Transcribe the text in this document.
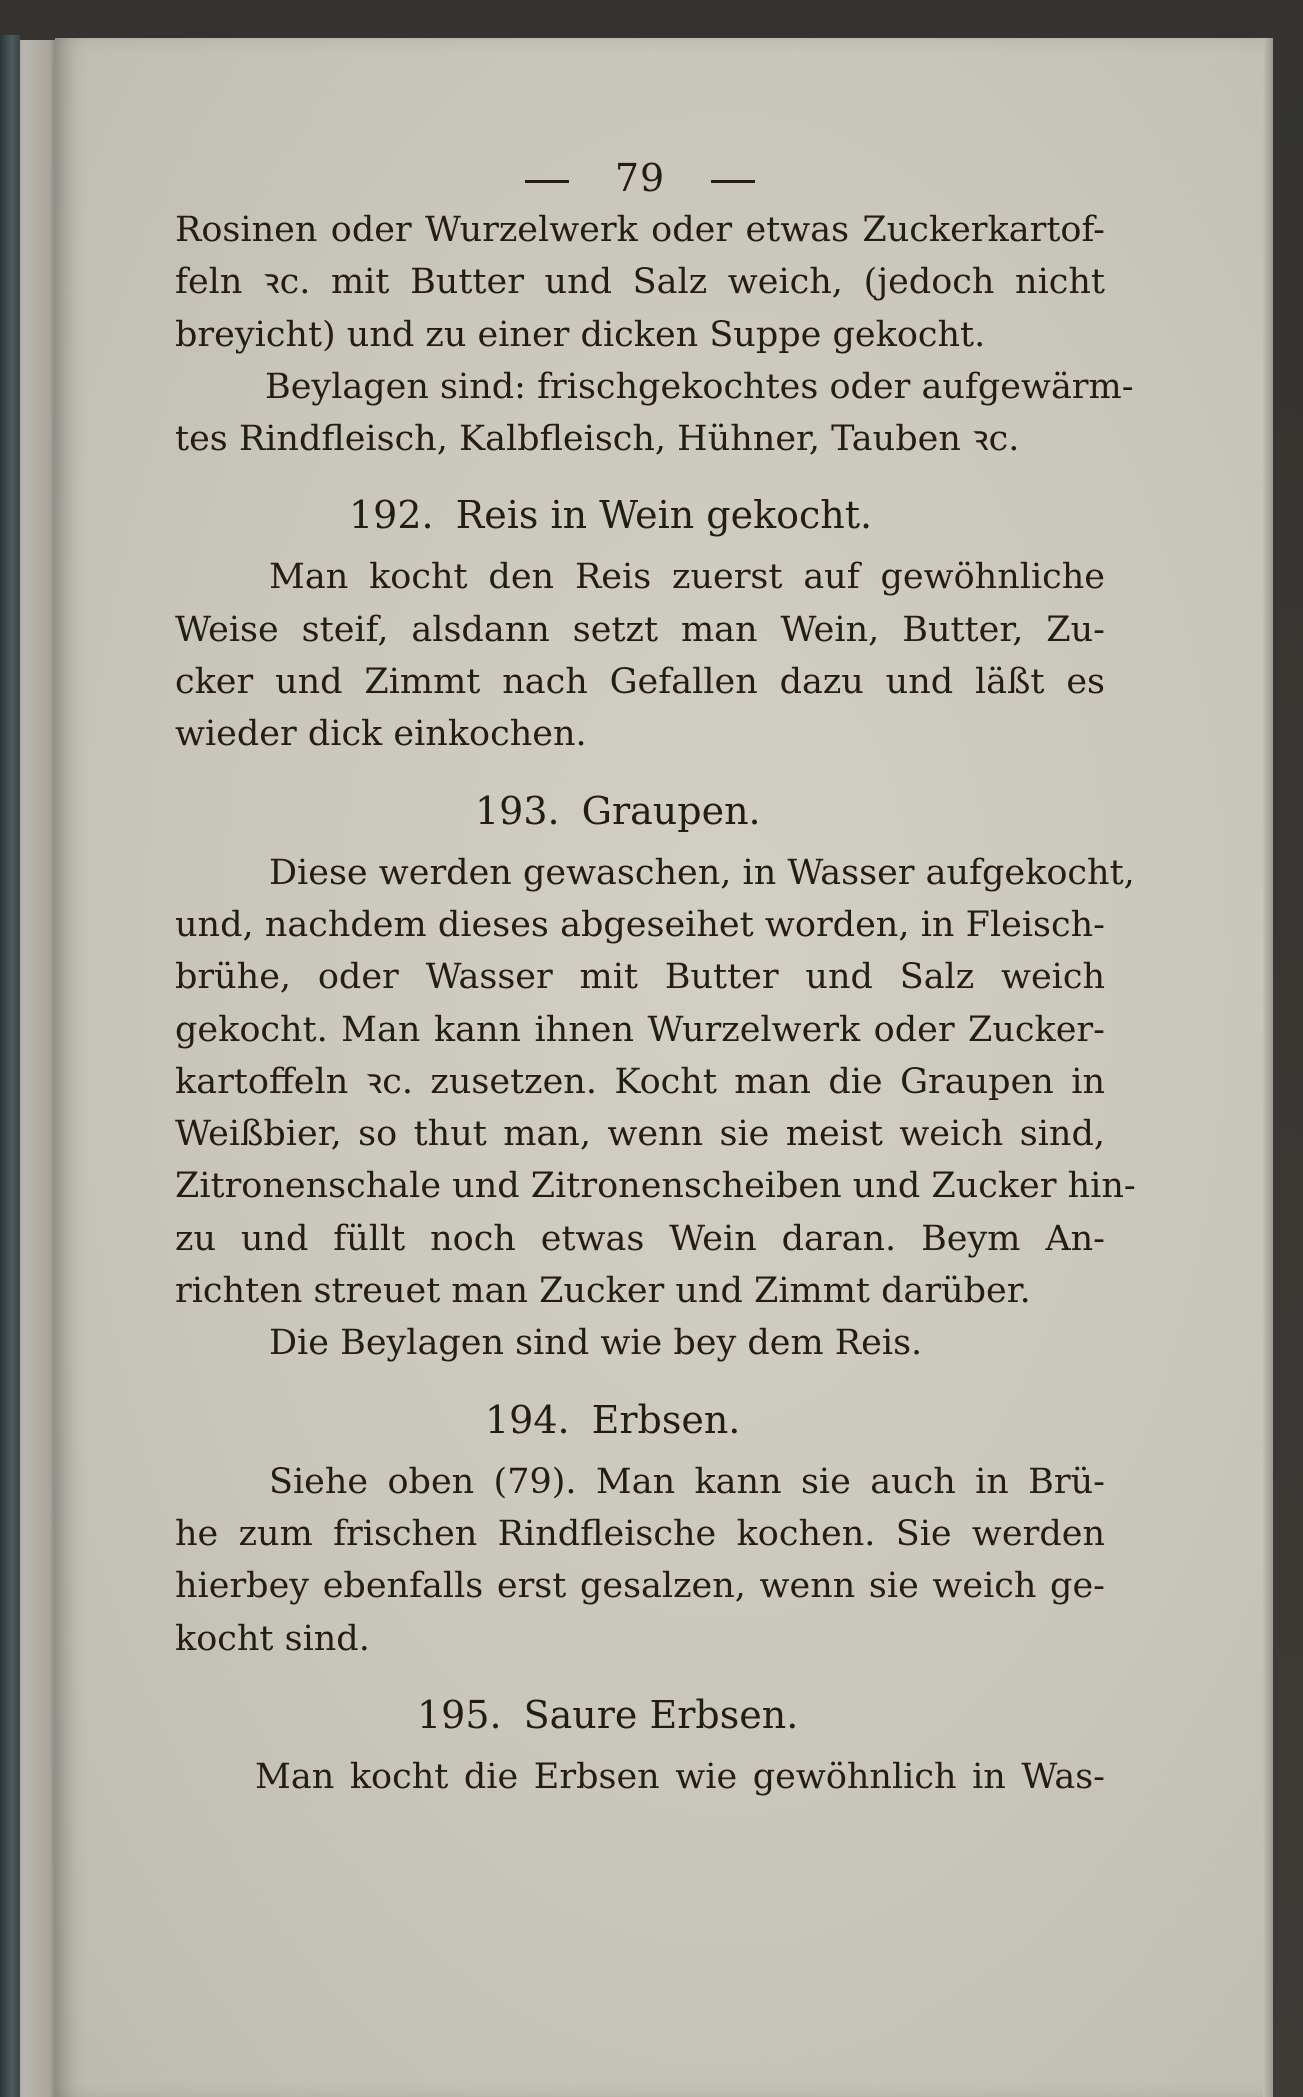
79
Rosinen oder Wurzelwerk oder etwas Zuckerkartof-
feln ꝛc. mit Butter und Salz weich, (jedoch nicht
breyicht) und zu einer dicken Suppe gekocht.
Beylagen sind: frischgekochtes oder aufgewärm-
tes Rindfleisch, Kalbfleisch, Hühner, Tauben ꝛc.
192. Reis in Wein gekocht.
Man kocht den Reis zuerst auf gewöhnliche
Weise steif, alsdann setzt man Wein, Butter, Zu-
cker und Zimmt nach Gefallen dazu und läßt es
wieder dick einkochen.
193. Graupen.
Diese werden gewaschen, in Wasser aufgekocht,
und, nachdem dieses abgeseihet worden, in Fleisch-
brühe, oder Wasser mit Butter und Salz weich
gekocht. Man kann ihnen Wurzelwerk oder Zucker-
kartoffeln ꝛc. zusetzen. Kocht man die Graupen in
Weißbier, so thut man, wenn sie meist weich sind,
Zitronenschale und Zitronenscheiben und Zucker hin-
zu und füllt noch etwas Wein daran. Beym An-
richten streuet man Zucker und Zimmt darüber.
Die Beylagen sind wie bey dem Reis.
194. Erbsen.
Siehe oben (79). Man kann sie auch in Brü-
he zum frischen Rindfleische kochen. Sie werden
hierbey ebenfalls erst gesalzen, wenn sie weich ge-
kocht sind.
195. Saure Erbsen.
Man kocht die Erbsen wie gewöhnlich in Was-
